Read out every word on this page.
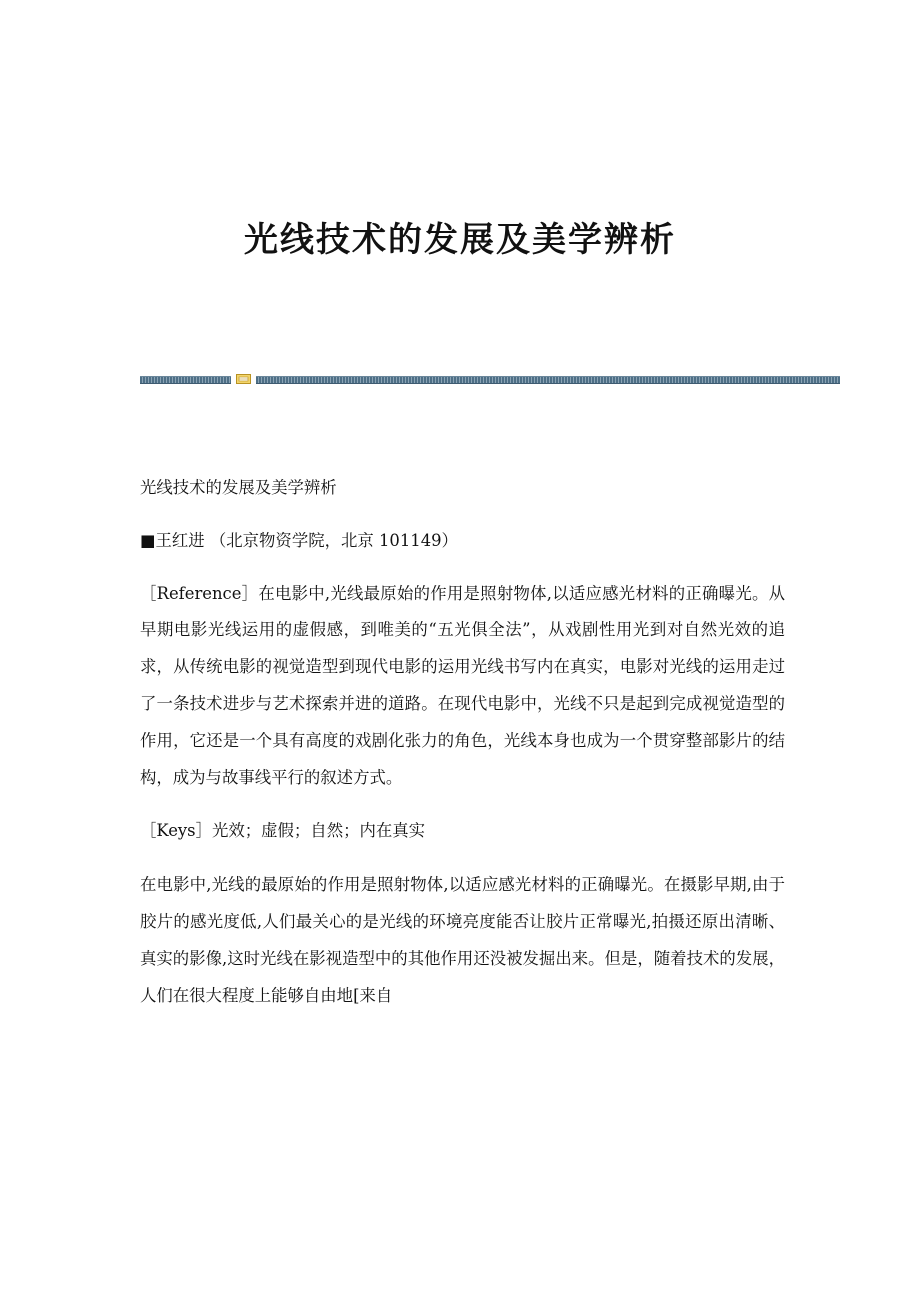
光线技术的发展及美学辨析

光线技术的发展及美学辨析

■王红进 （北京物资学院，北京 101149）

［Reference］在电影中,光线最原始的作用是照射物体,以适应感光材料的正确曝光。从早期电影光线运用的虚假感，到唯美的“五光俱全法”，从戏剧性用光到对自然光效的追求，从传统电影的视觉造型到现代电影的运用光线书写内在真实，电影对光线的运用走过了一条技术进步与艺术探索并进的道路。在现代电影中，光线不只是起到完成视觉造型的作用，它还是一个具有高度的戏剧化张力的角色，光线本身也成为一个贯穿整部影片的结构，成为与故事线平行的叙述方式。

［Keys］光效；虚假；自然；内在真实

在电影中,光线的最原始的作用是照射物体,以适应感光材料的正确曝光。在摄影早期,由于胶片的感光度低,人们最关心的是光线的环境亮度能否让胶片正常曝光,拍摄还原出清晰、真实的影像,这时光线在影视造型中的其他作用还没被发掘出来。但是，随着技术的发展，人们在很大程度上能够自由地[来自
